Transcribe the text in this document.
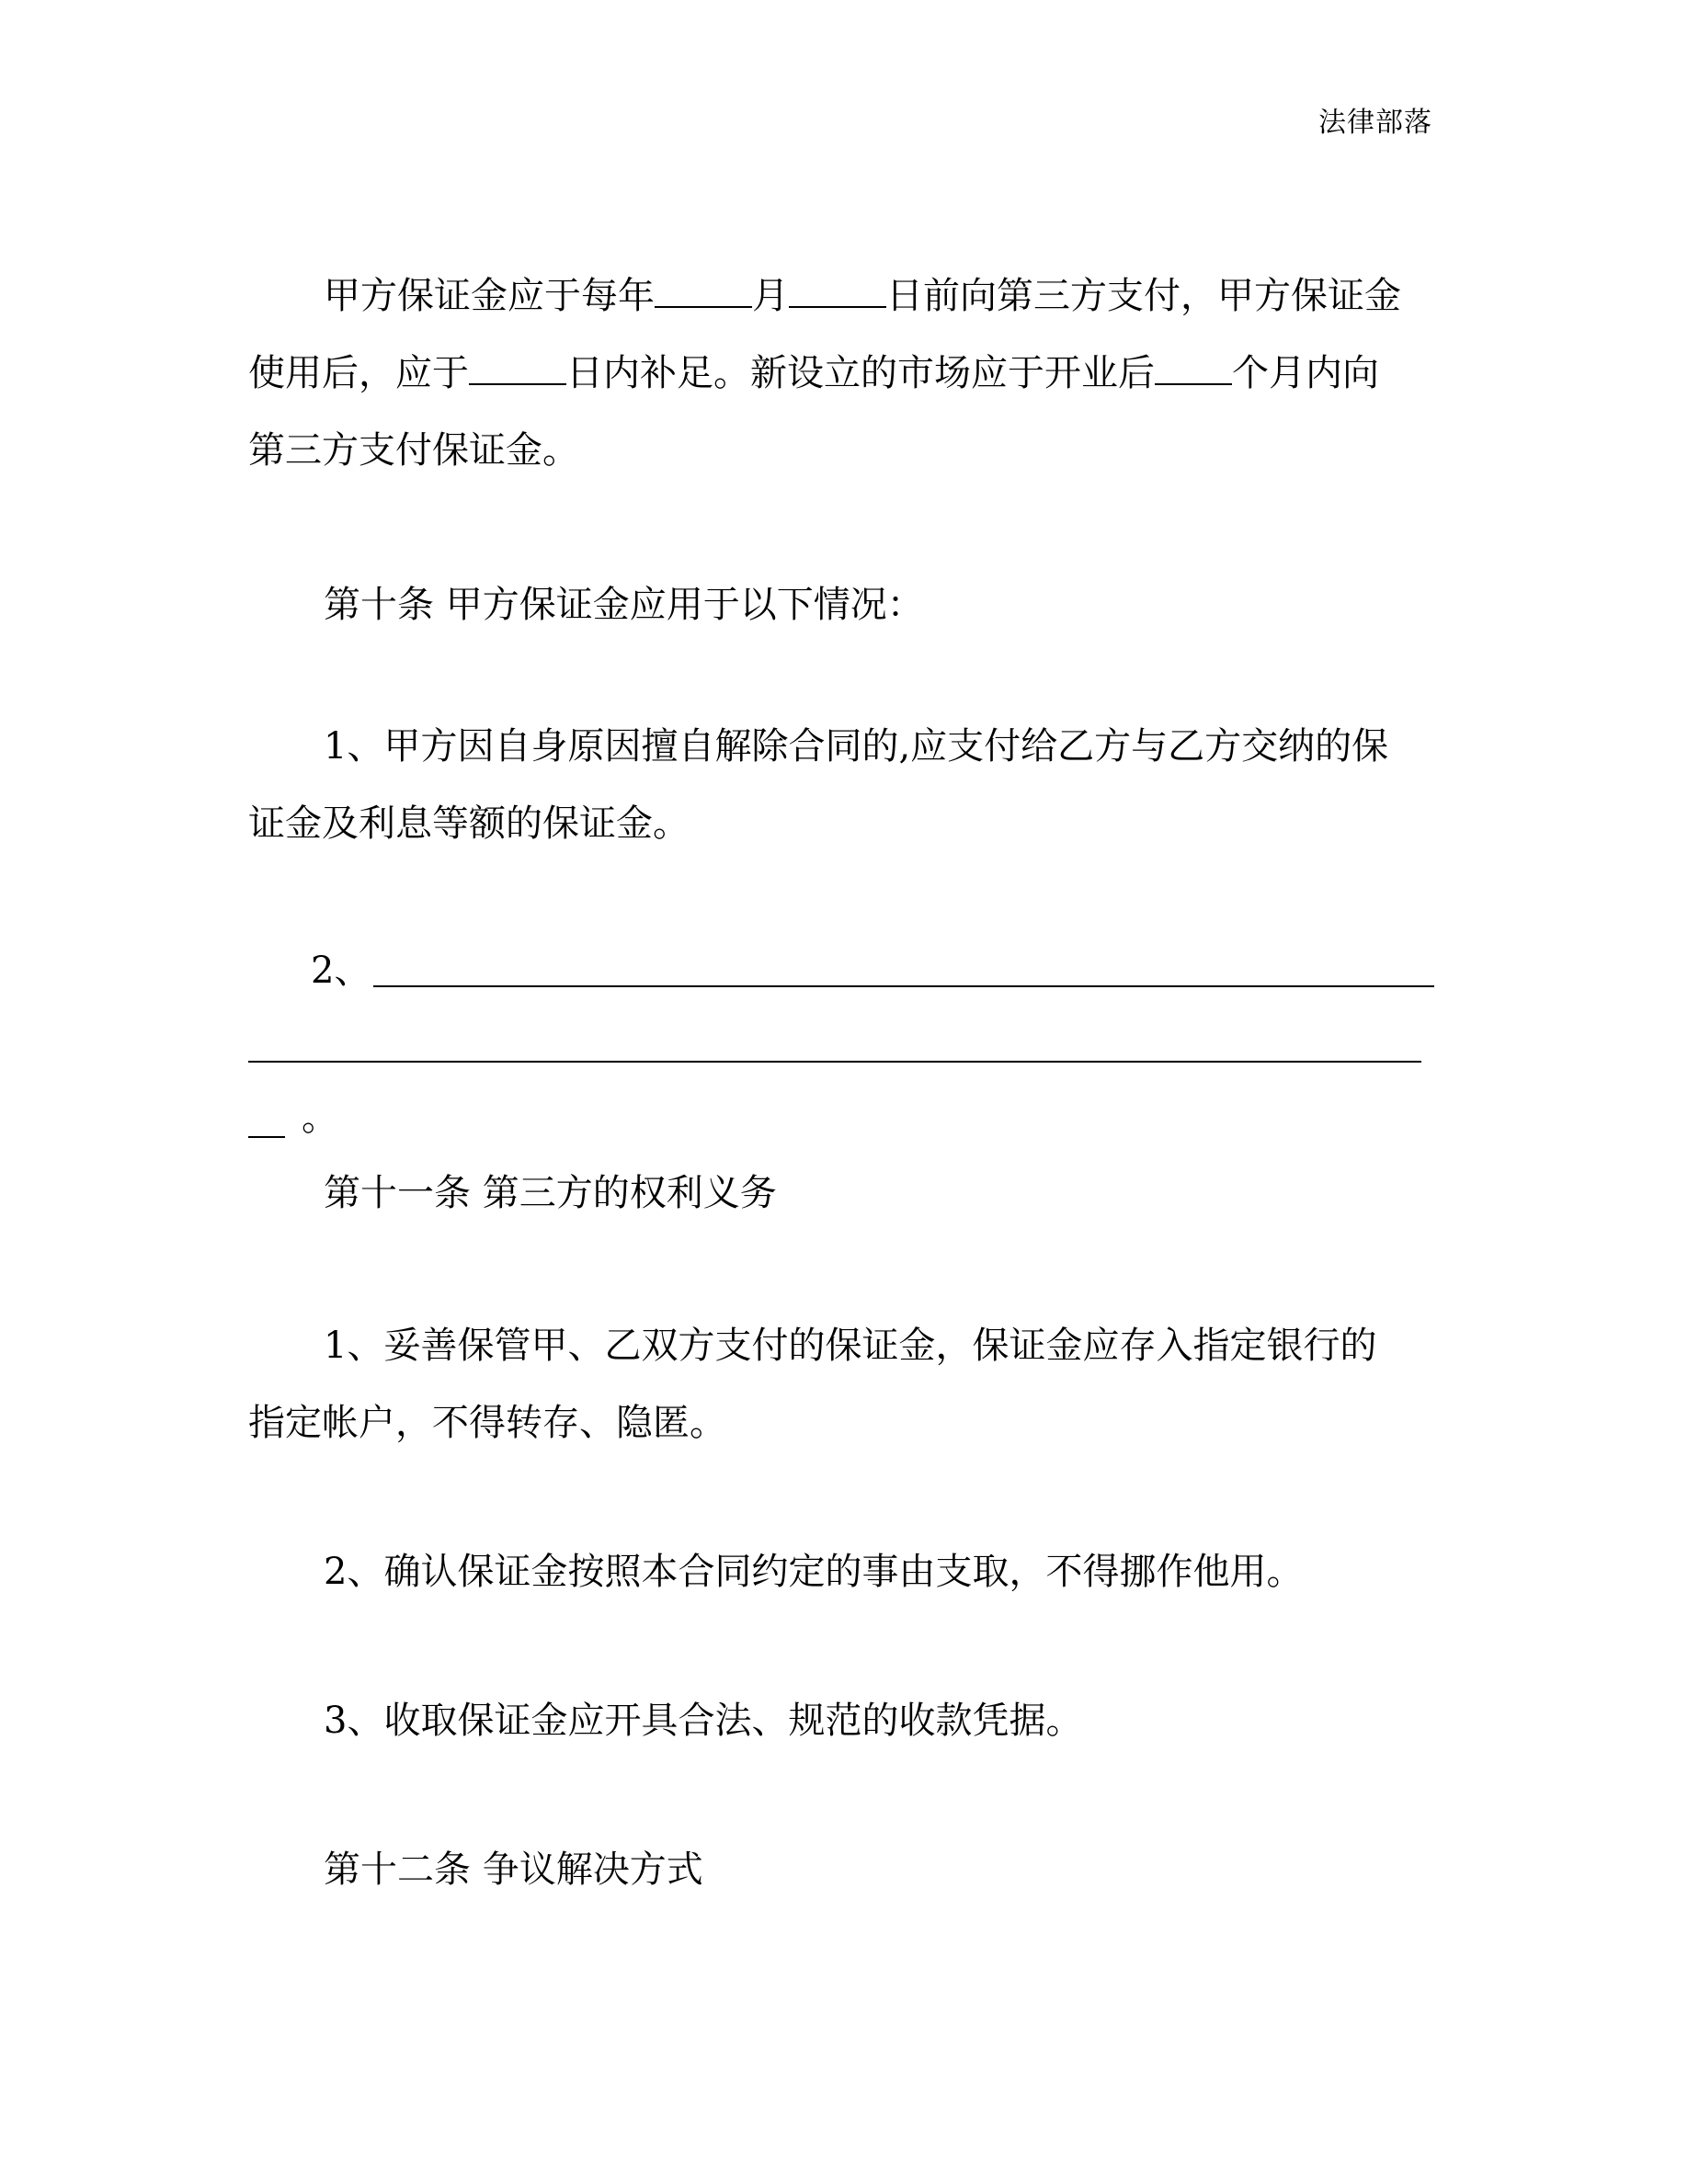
法律部落
甲方保证金应于每年	月	日前向第三方支付，甲方保证金
使用后，应于	日内补足。新设立的市场应于开业后 个月内向
第三方支付保证金。
第十条 甲方保证金应用于以下情况：
1、甲方因自身原因擅自解除合同的,应支付给乙方与乙方交纳的保
证金及利息等额的保证金。
2、
。
第十一条 第三方的权利义务
1、妥善保管甲、乙双方支付的保证金，保证金应存入指定银行的
指定帐户，不得转存、隐匿。
2、确认保证金按照本合同约定的事由支取，不得挪作他用。
3、收取保证金应开具合法、规范的收款凭据。
第十二条 争议解决方式
